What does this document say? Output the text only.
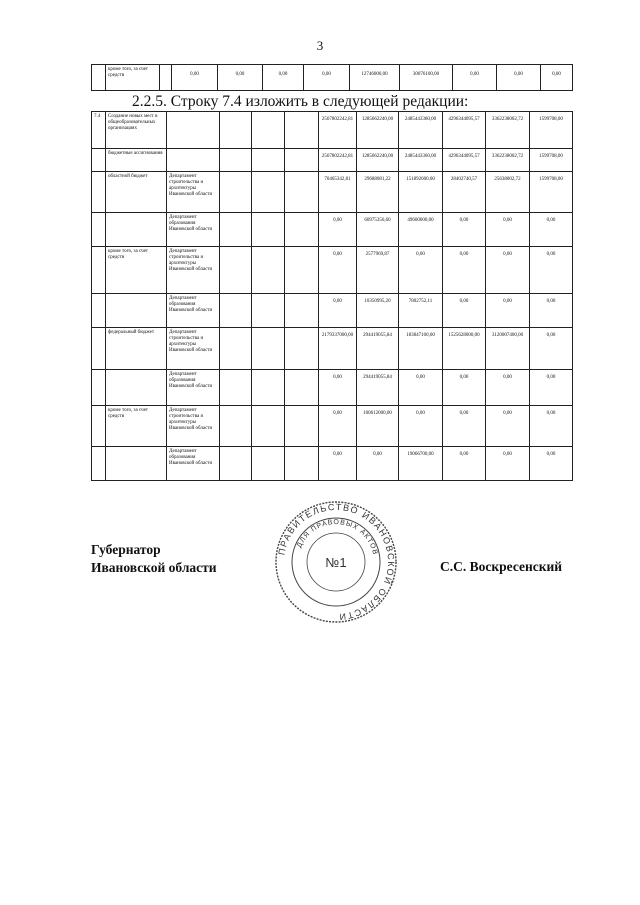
3
	кроме того, за счет средств		0,00	0,00	0,00	0,00	12746000,00	30076100,00	0,00	0,00	0,00
2.2.5. Строку 7.4 изложить в следующей редакции:
7.4	Создание новых мест в общеобразовательных организациях					2567802242,81	1285662240,00	2485443360,00	4296344095,57	3362238002,72	1599708,00
	бюджетные ассигнования					2567802242,81	1285662240,00	2485443360,00	4296344095,57	3362238002,72	1599708,00
	областной бюджет	Департамент строительства и архитектуры Ивановской области				70465342,81	29688081,22	151892600,00	28402740,57	25638002,72	1599708,00
		Департамент образования Ивановской области				0,00	60975356,60	49600000,00	0,00	0,00	0,00
	кроме того, за счет средств	Департамент строительства и архитектуры Ивановской области				0,00	2577969,87	0,00	0,00	0,00	0,00
		Департамент образования Ивановской области				0,00	10350995,20	7802752,11	0,00	0,00	0,00
	федеральный бюджет	Департамент строительства и архитектуры Ивановской области				2179337000,00	294419055,84	183847100,00	1525628000,00	3120007400,00	0,00
		Департамент образования Ивановской области				0,00	294419055,84	0,00	0,00	0,00	0,00
	кроме того, за счет средств	Департамент строительства и архитектуры Ивановской области				0,00	100612000,00	0,00	0,00	0,00	0,00
		Департамент образования Ивановской области				0,00	0,00	19066700,00	0,00	0,00	0,00
Губернатор
Ивановской области	С.С. Воскресенский
ПРАВИТЕЛЬСТВО ИВАНОВСКОЙ ОБЛАСТИ
ДЛЯ ПРАВОВЫХ АКТОВ
№1
